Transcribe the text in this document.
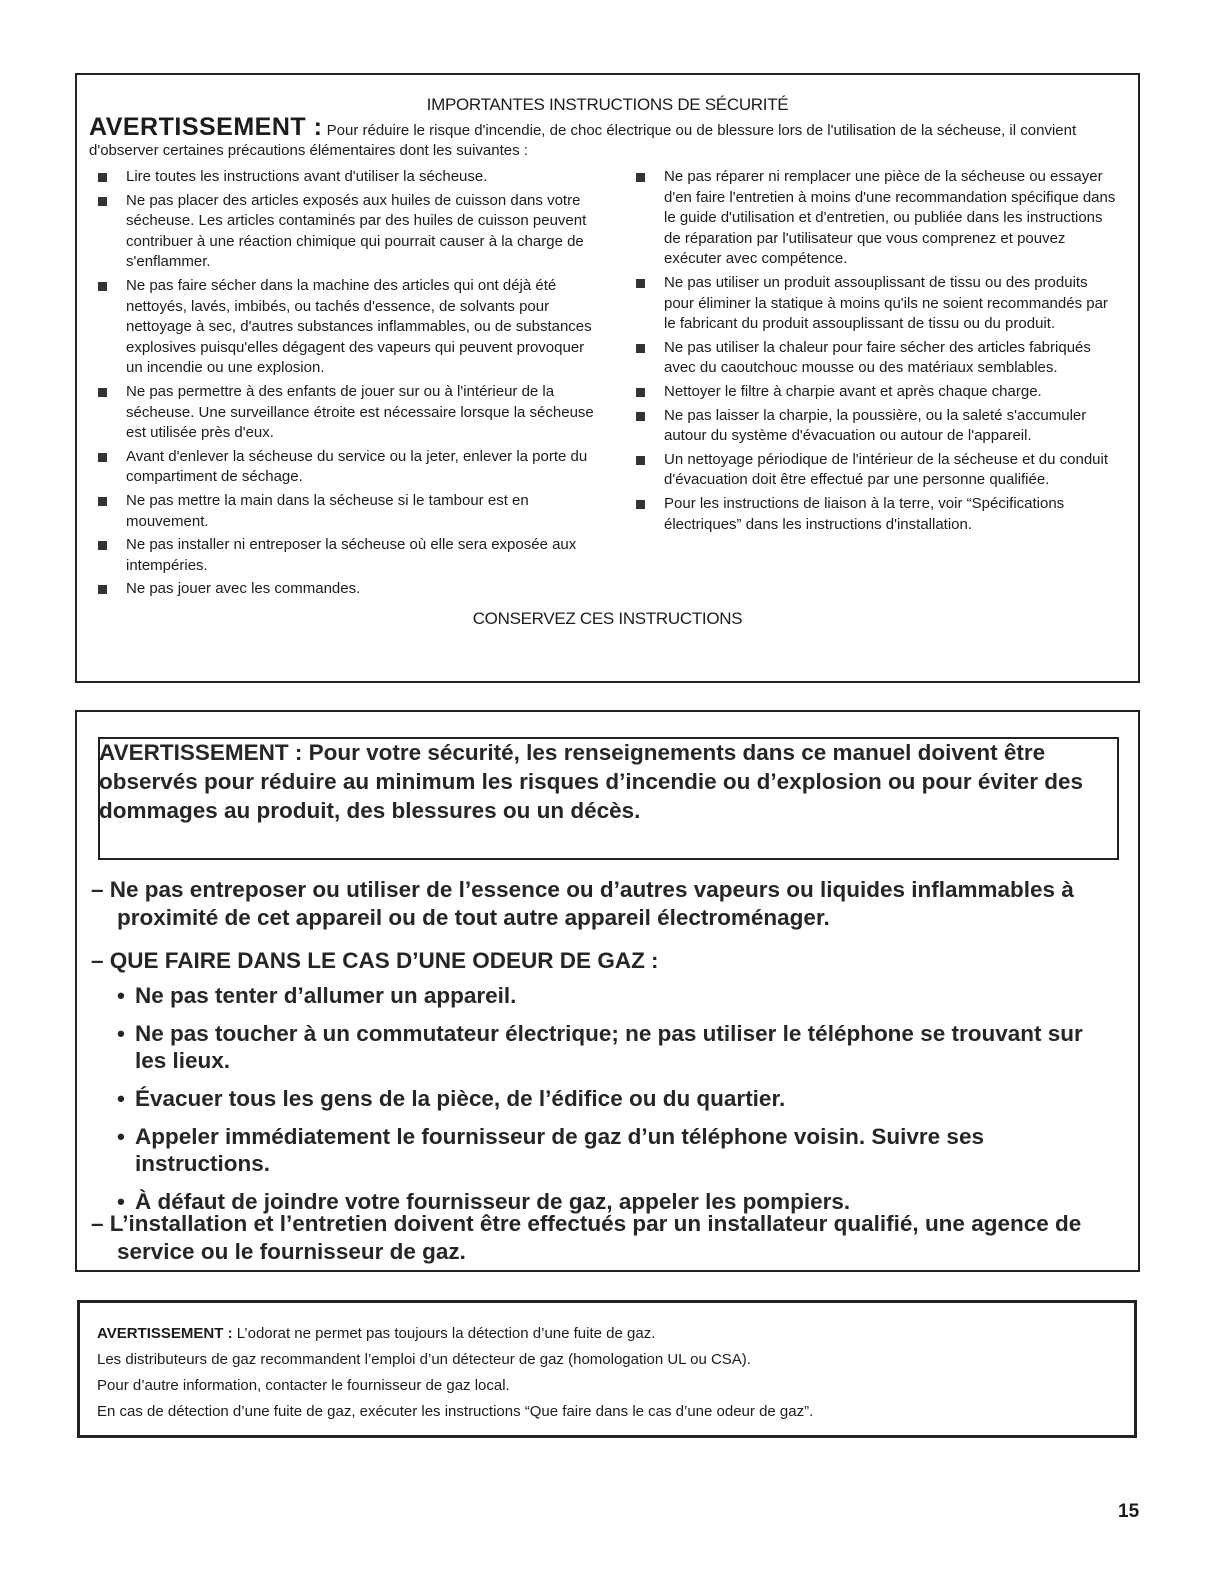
IMPORTANTES INSTRUCTIONS DE SÉCURITÉ
AVERTISSEMENT : Pour réduire le risque d'incendie, de choc électrique ou de blessure lors de l'utilisation de la sécheuse, il convient d'observer certaines précautions élémentaires dont les suivantes :
Lire toutes les instructions avant d'utiliser la sécheuse.
Ne pas placer des articles exposés aux huiles de cuisson dans votre sécheuse. Les articles contaminés par des huiles de cuisson peuvent contribuer à une réaction chimique qui pourrait causer à la charge de s'enflammer.
Ne pas faire sécher dans la machine des articles qui ont déjà été nettoyés, lavés, imbibés, ou tachés d'essence, de solvants pour nettoyage à sec, d'autres substances inflammables, ou de substances explosives puisqu'elles dégagent des vapeurs qui peuvent provoquer un incendie ou une explosion.
Ne pas permettre à des enfants de jouer sur ou à l'intérieur de la sécheuse. Une surveillance étroite est nécessaire lorsque la sécheuse est utilisée près d'eux.
Avant d'enlever la sécheuse du service ou la jeter, enlever la porte du compartiment de séchage.
Ne pas mettre la main dans la sécheuse si le tambour est en mouvement.
Ne pas installer ni entreposer la sécheuse où elle sera exposée aux intempéries.
Ne pas jouer avec les commandes.
Ne pas réparer ni remplacer une pièce de la sécheuse ou essayer d'en faire l'entretien à moins d'une recommandation spécifique dans le guide d'utilisation et d'entretien, ou publiée dans les instructions de réparation par l'utilisateur que vous comprenez et pouvez exécuter avec compétence.
Ne pas utiliser un produit assouplissant de tissu ou des produits pour éliminer la statique à moins qu'ils ne soient recommandés par le fabricant du produit assouplissant de tissu ou du produit.
Ne pas utiliser la chaleur pour faire sécher des articles fabriqués avec du caoutchouc mousse ou des matériaux semblables.
Nettoyer le filtre à charpie avant et après chaque charge.
Ne pas laisser la charpie, la poussière, ou la saleté s'accumuler autour du système d'évacuation ou autour de l'appareil.
Un nettoyage périodique de l'intérieur de la sécheuse et du conduit d'évacuation doit être effectué par une personne qualifiée.
Pour les instructions de liaison à la terre, voir “Spécifications électriques” dans les instructions d'installation.
CONSERVEZ CES INSTRUCTIONS
AVERTISSEMENT : Pour votre sécurité, les renseignements dans ce manuel doivent être observés pour réduire au minimum les risques d’incendie ou d’explosion ou pour éviter des dommages au produit, des blessures ou un décès.
– Ne pas entreposer ou utiliser de l’essence ou d’autres vapeurs ou liquides inflammables à proximité de cet appareil ou de tout autre appareil électroménager.
– QUE FAIRE DANS LE CAS D’UNE ODEUR DE GAZ :
• Ne pas tenter d’allumer un appareil.
• Ne pas toucher à un commutateur électrique; ne pas utiliser le téléphone se trouvant sur les lieux.
• Évacuer tous les gens de la pièce, de l’édifice ou du quartier.
• Appeler immédiatement le fournisseur de gaz d’un téléphone voisin. Suivre ses instructions.
• À défaut de joindre votre fournisseur de gaz, appeler les pompiers.
– L’installation et l’entretien doivent être effectués par un installateur qualifié, une agence de service ou le fournisseur de gaz.

AVERTISSEMENT : L’odorat ne permet pas toujours la détection d’une fuite de gaz.

Les distributeurs de gaz recommandent l’emploi d’un détecteur de gaz (homologation UL ou CSA).

Pour d’autre information, contacter le fournisseur de gaz local.

En cas de détection d’une fuite de gaz, exécuter les instructions “Que faire dans le cas d’une odeur de gaz”.

15
